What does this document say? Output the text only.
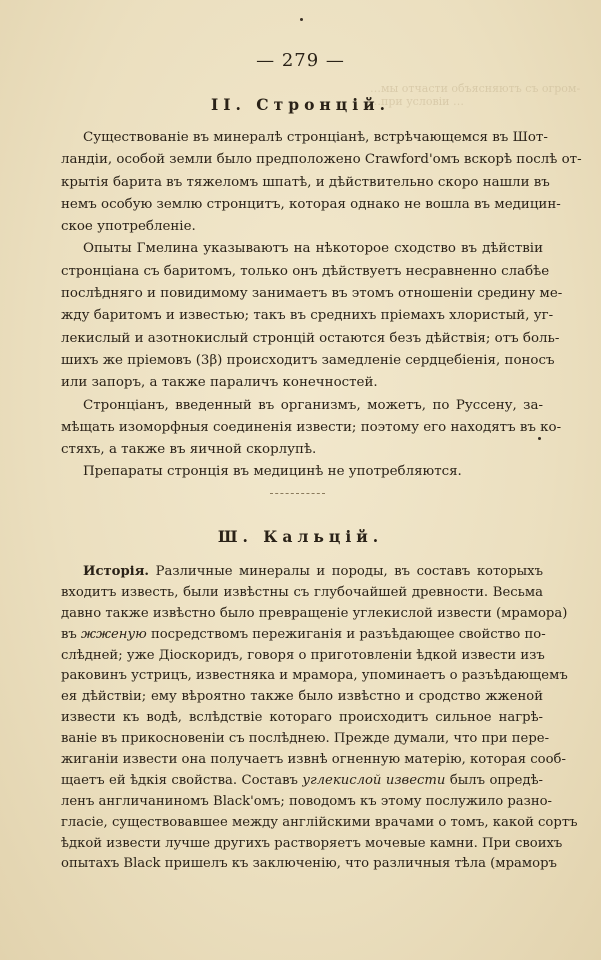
…мы отчасти объясняютъ съ огром-
…при условіи …
— 279 —
II. Стронцій.
Существованіе въ минералѣ стронціанѣ, встрѣчающемся въ Шот-
ландіи, особой земли было предположено Crawford'омъ вскорѣ послѣ от-
крытія барита въ тяжеломъ шпатѣ, и дѣйствительно скоро нашли въ
немъ особую землю стронцитъ, которая однако не вошла въ медицин-
ское употребленіе.
Опыты Гмелина указываютъ на нѣкоторое сходство въ дѣйствіи
стронціана съ баритомъ, только онъ дѣйствуетъ несравненно слабѣе
послѣдняго и повидимому занимаетъ въ этомъ отношеніи средину ме-
жду баритомъ и известью; такъ въ среднихъ пріемахъ хлористый, уг-
лекислый и азотнокислый стронцій остаются безъ дѣйствія; отъ боль-
шихъ же пріемовъ (3β) происходитъ замедленіе сердцебіенія, поносъ
или запоръ, а также параличъ конечностей.
Стронціанъ, введенный въ организмъ, можетъ, по Руссену, за-
мѣщать изоморфныя соединенія извести; поэтому его находятъ въ ко-
стяхъ, а также въ яичной скорлупѣ.
Препараты стронція въ медицинѣ не употребляются.
Ш. Кальцій.
Исторія. Различные минералы и породы, въ составъ которыхъ
входитъ известь, были извѣстны съ глубочайшей древности. Весьма
давно также извѣстно было превращеніе углекислой извести (мрамора)
въ жженую посредствомъ пережиганія и разъѣдающее свойство по-
слѣдней; уже Діоскоридъ, говоря о приготовленіи ѣдкой извести изъ
раковинъ устрицъ, известняка и мрамора, упоминаетъ о разъѣдающемъ
ея дѣйствіи; ему вѣроятно также было извѣстно и сродство жженой
извести къ водѣ, вслѣдствіе котораго происходитъ сильное нагрѣ-
ваніе въ прикосновеніи съ послѣднею. Прежде думали, что при пере-
жиганіи извести она получаетъ извнѣ огненную матерію, которая сооб-
щаетъ ей ѣдкія свойства. Составъ углекислой извести былъ опредѣ-
ленъ англичаниномъ Black'омъ; поводомъ къ этому послужило разно-
гласіе, существовавшее между англійскими врачами о томъ, какой сортъ
ѣдкой извести лучше другихъ растворяетъ мочевые камни. При своихъ
опытахъ Black пришелъ къ заключенію, что различныя тѣла (мраморъ
